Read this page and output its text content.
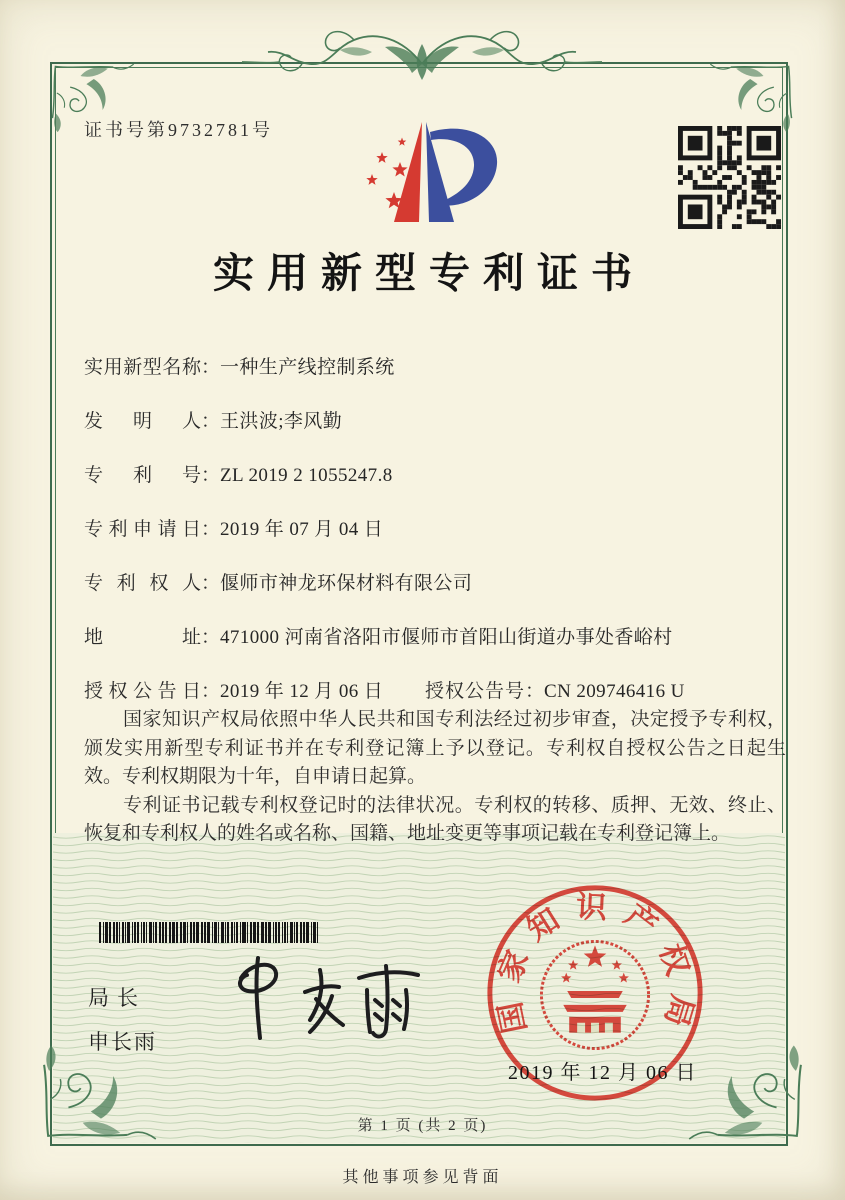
证书号第9732781号
实用新型专利证书
实用新型名称：一种生产线控制系统
发明人：王洪波;李风勤
专利号：ZL 2019 2 1055247.8
专利申请日：2019 年 07 月 04 日
专利权人：偃师市神龙环保材料有限公司
地址：471000 河南省洛阳市偃师市首阳山街道办事处香峪村
授权公告日：2019 年 12 月 06 日 授权公告号：CN 209746416 U

国家知识产权局依照中华人民共和国专利法经过初步审查，决定授予专利权，颁发实用新型专利证书并在专利登记簿上予以登记。专利权自授权公告之日起生效。专利权期限为十年，自申请日起算。

专利证书记载专利权登记时的法律状况。专利权的转移、质押、无效、终止、恢复和专利权人的姓名或名称、国籍、地址变更等事项记载在专利登记簿上。

局长
申长雨
国家知识产权局
2019 年 12 月 06 日
第 1 页 (共 2 页)
其他事项参见背面
